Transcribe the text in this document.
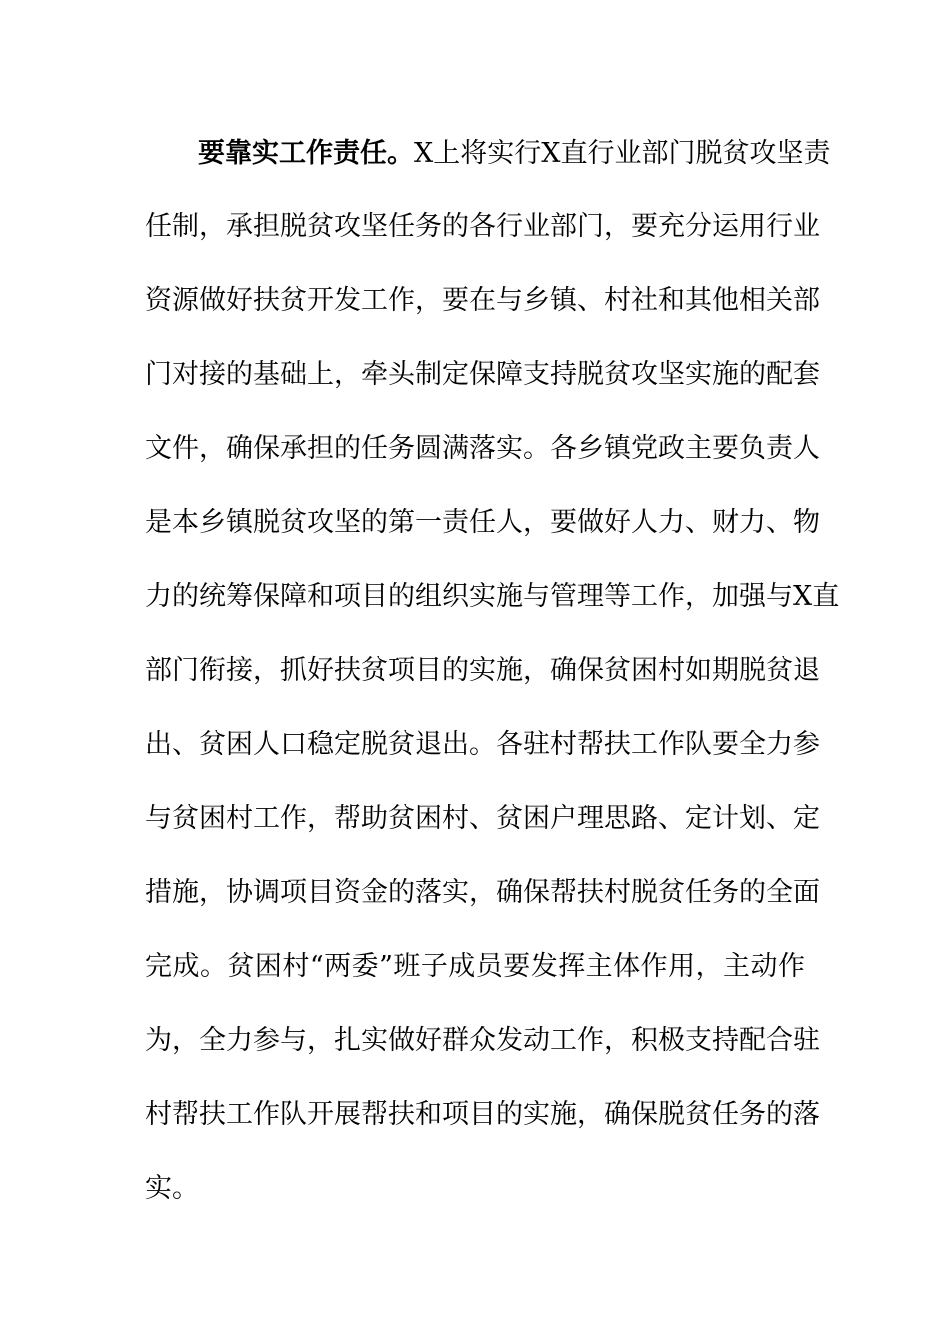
要靠实工作责任。X上将实行X直行业部门脱贫攻坚责
任制，承担脱贫攻坚任务的各行业部门，要充分运用行业
资源做好扶贫开发工作，要在与乡镇、村社和其他相关部
门对接的基础上，牵头制定保障支持脱贫攻坚实施的配套
文件，确保承担的任务圆满落实。各乡镇党政主要负责人
是本乡镇脱贫攻坚的第一责任人，要做好人力、财力、物
力的统筹保障和项目的组织实施与管理等工作，加强与X直
部门衔接，抓好扶贫项目的实施，确保贫困村如期脱贫退
出、贫困人口稳定脱贫退出。各驻村帮扶工作队要全力参
与贫困村工作，帮助贫困村、贫困户理思路、定计划、定
措施，协调项目资金的落实，确保帮扶村脱贫任务的全面
完成。贫困村“两委”班子成员要发挥主体作用，主动作
为，全力参与，扎实做好群众发动工作，积极支持配合驻
村帮扶工作队开展帮扶和项目的实施，确保脱贫任务的落
实。
